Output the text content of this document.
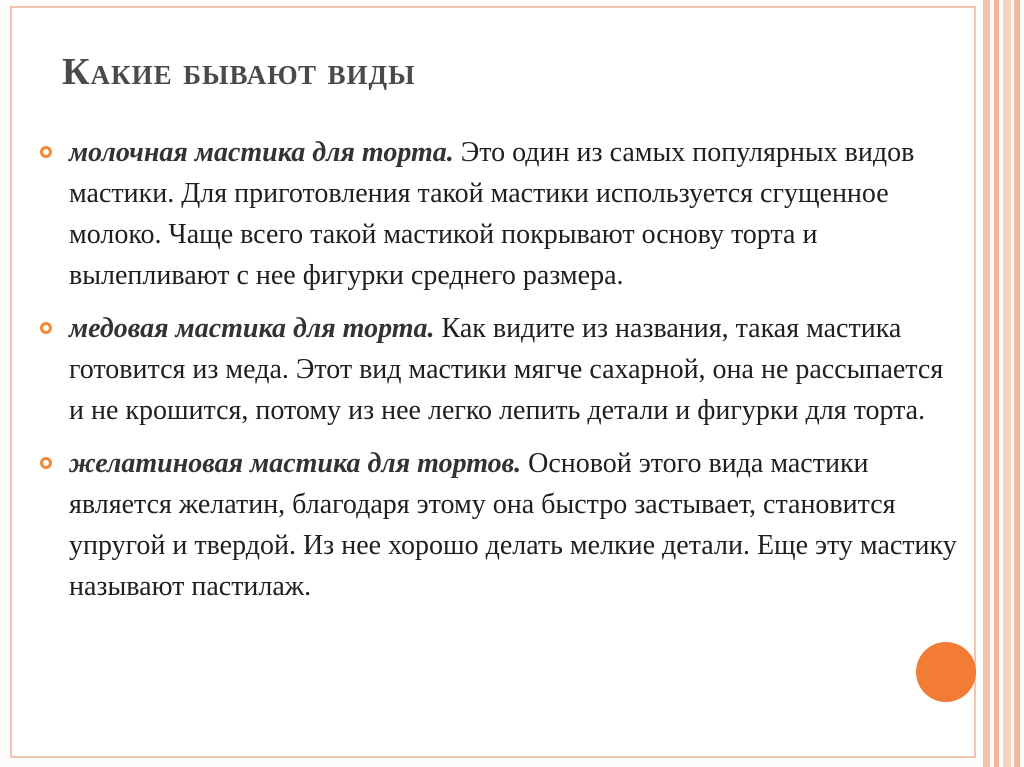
Какие бывают виды
молочная мастика для торта. Это один из самых популярных видов мастики. Для приготовления такой мастики используется сгущенное молоко. Чаще всего такой мастикой покрывают основу торта и вылепливают с нее фигурки среднего размера.
медовая мастика для торта. Как видите из названия, такая мастика готовится из меда. Этот вид мастики мягче сахарной, она не рассыпается и не крошится, потому из нее легко лепить детали и фигурки для торта.
желатиновая мастика для тортов. Основой этого вида мастики является желатин, благодаря этому она быстро застывает, становится упругой и твердой. Из нее хорошо делать мелкие детали. Еще эту мастику называют пастилаж.
